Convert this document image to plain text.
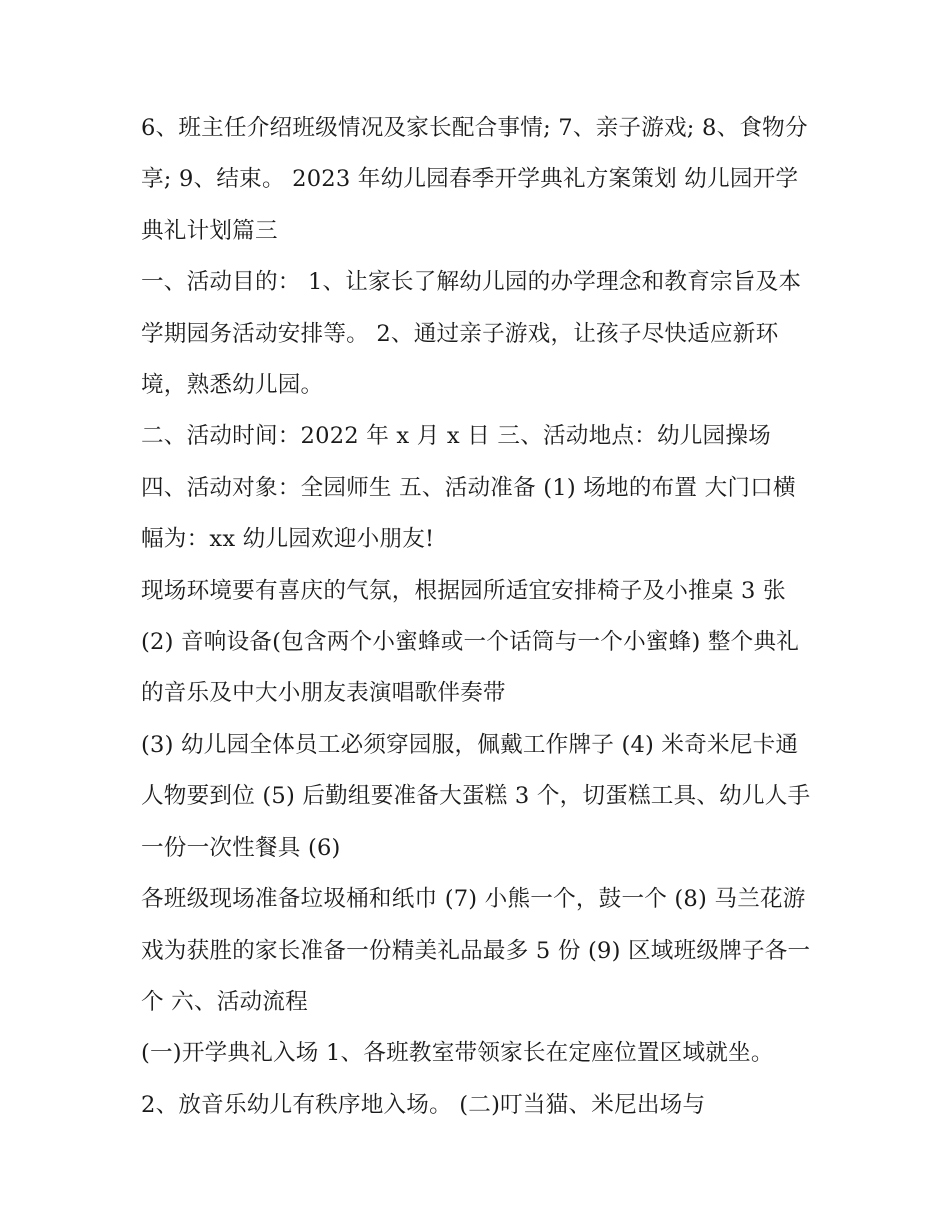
6、班主任介绍班级情况及家长配合事情; 7、亲子游戏; 8、食物分享; 9、结束。 2023 年幼儿园春季开学典礼方案策划 幼儿园开学典礼计划篇三

一、活动目的： 1、让家长了解幼儿园的办学理念和教育宗旨及本学期园务活动安排等。 2、通过亲子游戏，让孩子尽快适应新环境，熟悉幼儿园。

二、活动时间：2022 年 x 月 x 日 三、活动地点：幼儿园操场 四、活动对象：全园师生 五、活动准备 (1) 场地的布置 大门口横幅为：xx 幼儿园欢迎小朋友!

现场环境要有喜庆的气氛，根据园所适宜安排椅子及小推桌 3 张 (2) 音响设备(包含两个小蜜蜂或一个话筒与一个小蜜蜂) 整个典礼的音乐及中大小朋友表演唱歌伴奏带

(3) 幼儿园全体员工必须穿园服，佩戴工作牌子 (4) 米奇米尼卡通人物要到位 (5) 后勤组要准备大蛋糕 3 个，切蛋糕工具、幼儿人手一份一次性餐具 (6)

各班级现场准备垃圾桶和纸巾 (7) 小熊一个，鼓一个 (8) 马兰花游戏为获胜的家长准备一份精美礼品最多 5 份 (9) 区域班级牌子各一个 六、活动流程

(一)开学典礼入场 1、各班教室带领家长在定座位置区域就坐。 2、放音乐幼儿有秩序地入场。 (二)叮当猫、米尼出场与
